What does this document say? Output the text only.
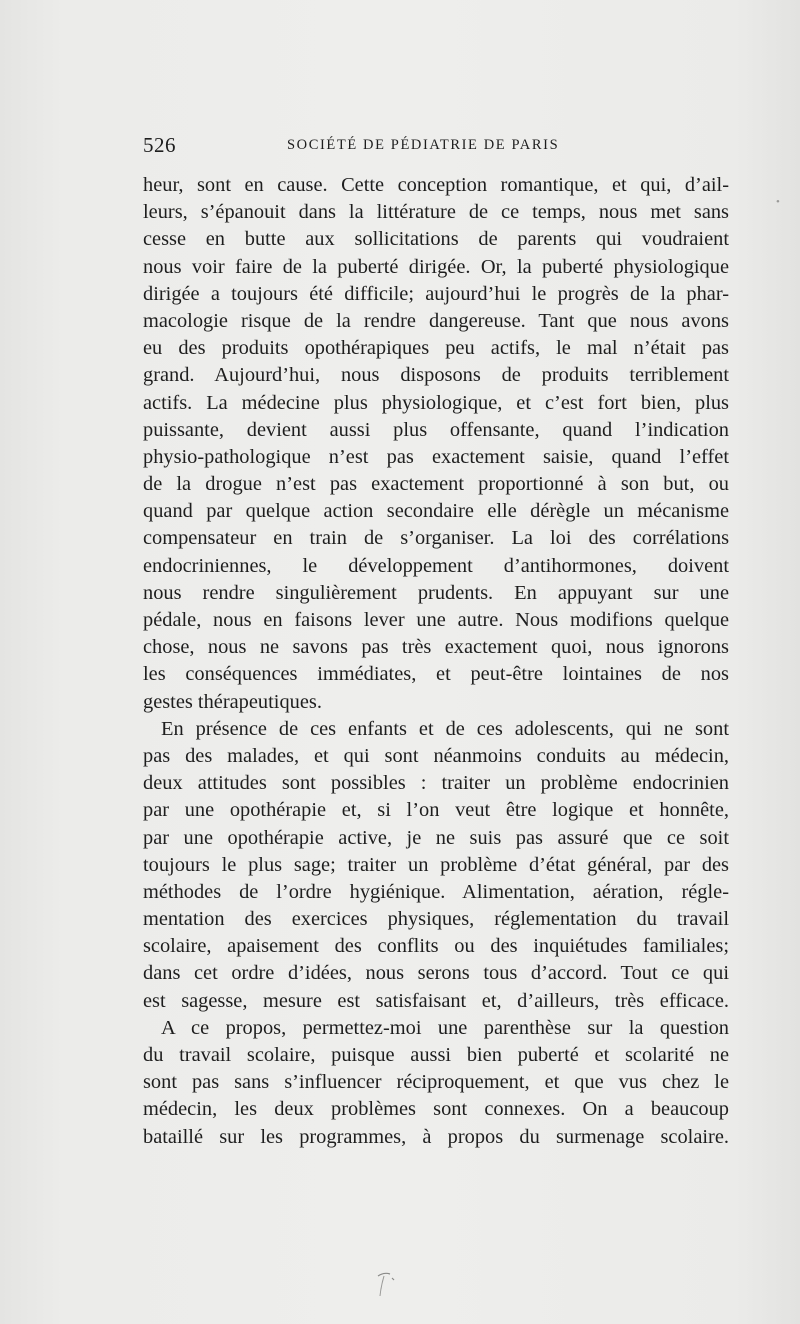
526	SOCIÉTÉ DE PÉDIATRIE DE PARIS
heur, sont en cause. Cette conception romantique, et qui, d’ail-
leurs, s’épanouit dans la littérature de ce temps, nous met sans
cesse en butte aux sollicitations de parents qui voudraient
nous voir faire de la puberté dirigée. Or, la puberté physiologique
dirigée a toujours été difficile; aujourd’hui le progrès de la phar-
macologie risque de la rendre dangereuse. Tant que nous avons
eu des produits opothérapiques peu actifs, le mal n’était pas
grand. Aujourd’hui, nous disposons de produits terriblement
actifs. La médecine plus physiologique, et c’est fort bien, plus
puissante, devient aussi plus offensante, quand l’indication
physio-pathologique n’est pas exactement saisie, quand l’effet
de la drogue n’est pas exactement proportionné à son but, ou
quand par quelque action secondaire elle dérègle un mécanisme
compensateur en train de s’organiser. La loi des corrélations
endocriniennes, le développement d’antihormones, doivent
nous rendre singulièrement prudents. En appuyant sur une
pédale, nous en faisons lever une autre. Nous modifions quelque
chose, nous ne savons pas très exactement quoi, nous ignorons
les conséquences immédiates, et peut-être lointaines de nos
gestes thérapeutiques.
En présence de ces enfants et de ces adolescents, qui ne sont
pas des malades, et qui sont néanmoins conduits au médecin,
deux attitudes sont possibles : traiter un problème endocrinien
par une opothérapie et, si l’on veut être logique et honnête,
par une opothérapie active, je ne suis pas assuré que ce soit
toujours le plus sage; traiter un problème d’état général, par des
méthodes de l’ordre hygiénique. Alimentation, aération, régle-
mentation des exercices physiques, réglementation du travail
scolaire, apaisement des conflits ou des inquiétudes familiales;
dans cet ordre d’idées, nous serons tous d’accord. Tout ce qui
est sagesse, mesure est satisfaisant et, d’ailleurs, très efficace.
A ce propos, permettez-moi une parenthèse sur la question
du travail scolaire, puisque aussi bien puberté et scolarité ne
sont pas sans s’influencer réciproquement, et que vus chez le
médecin, les deux problèmes sont connexes. On a beaucoup
bataillé sur les programmes, à propos du surmenage scolaire.
•
